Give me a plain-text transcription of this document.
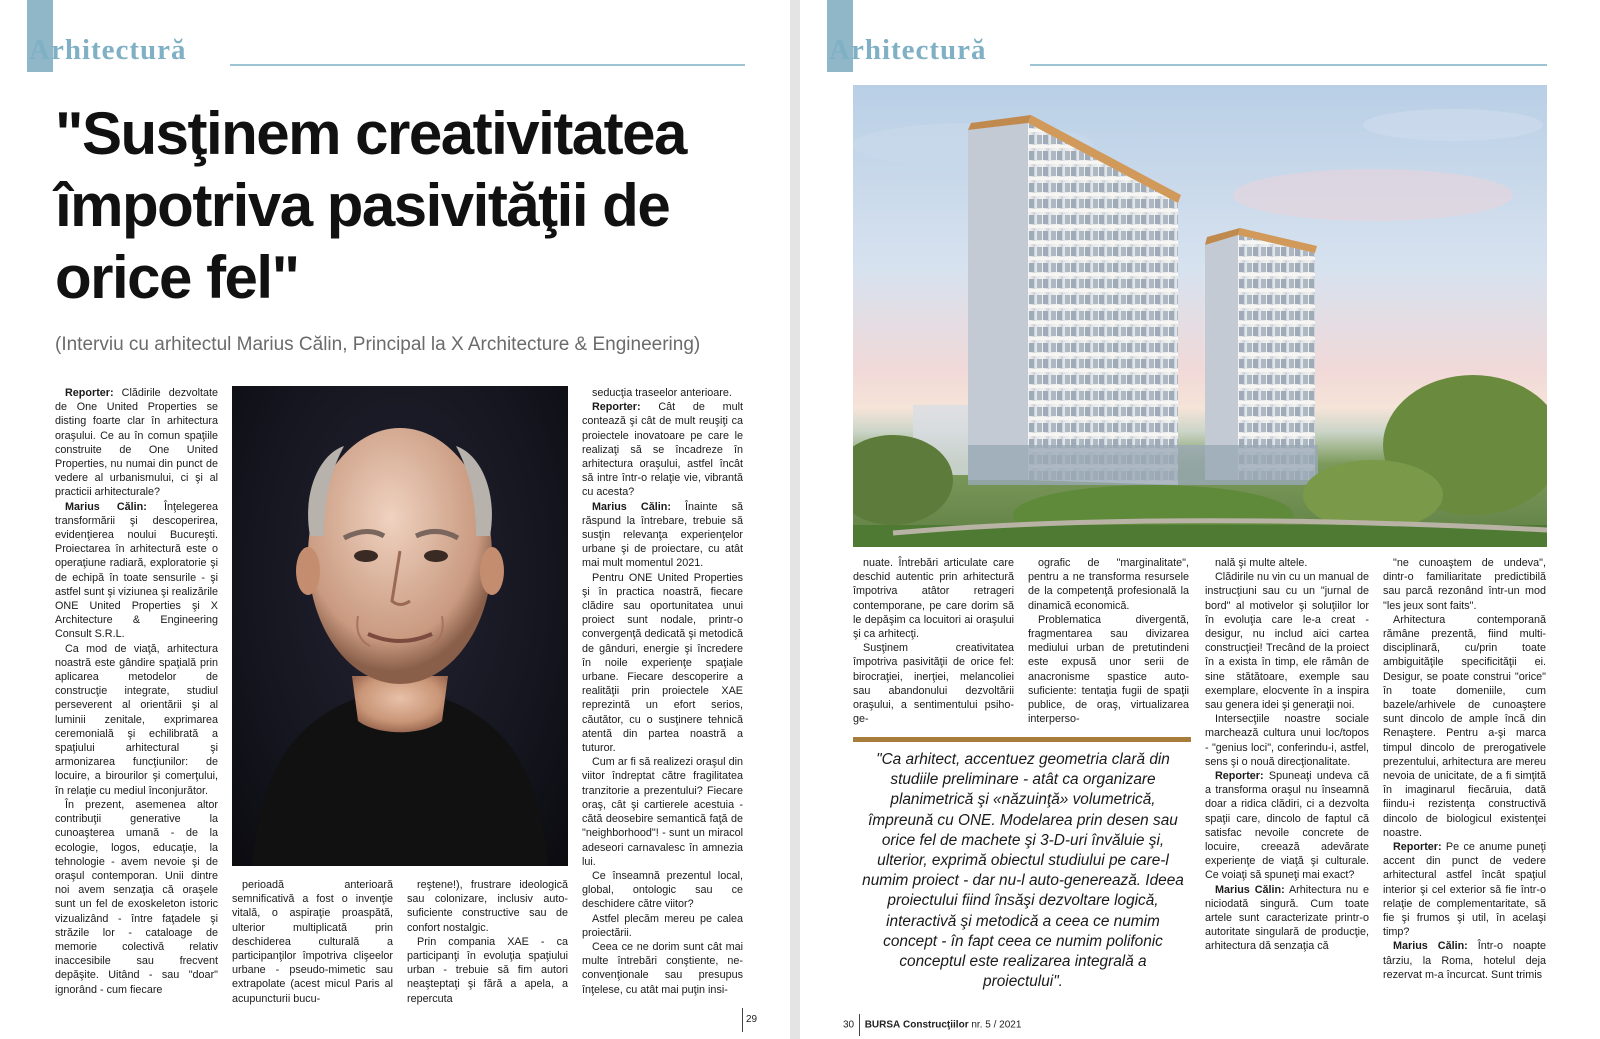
Arhitectură
"Susţinem creativitatea
împotriva pasivităţii de
orice fel"
(Interviu cu arhitectul Marius Călin, Principal la X Architecture & Engineering)

Reporter: Clădirile dezvoltate de One United Properties se disting foarte clar în arhitectura oraşului. Ce au în comun spaţiile construite de One United Properties, nu numai din punct de vedere al urbanismului, ci şi al practicii arhitecturale?

Marius Călin: Înţelegerea transformării şi descoperirea, evidenţierea noului Bucureşti. Proiectarea în arhitectură este o operaţiune radiară, exploratorie şi de echipă în toate sensurile - şi astfel sunt şi viziunea şi realizările ONE United Properties şi X Architecture & Engineering Consult S.R.L.

Ca mod de viaţă, arhitectura noastră este gândire spaţială prin aplicarea metodelor de construcţie integrate, studiul perseverent al orientării şi al luminii zenitale, exprimarea ceremonială şi echilibrată a spaţiului arhitectural şi armonizarea funcţiunilor: de locuire, a birourilor şi comerţului, în relaţie cu mediul înconjurător.

În prezent, asemenea altor contribuţii generative la cunoaşterea umană - de la ecologie, logos, educaţie, la tehnologie - avem nevoie şi de oraşul contemporan. Unii dintre noi avem senzaţia că oraşele sunt un fel de exoskeleton istoric vizualizând - între faţadele şi străzile lor - cataloage de memorie colectivă relativ inaccesibile sau frecvent depăşite. Uitând - sau "doar" ignorând - cum fiecare

perioadă anterioară semnificativă a fost o invenţie vitală, o aspiraţie proaspătă, ulterior multiplicată prin deschiderea culturală a participanţilor împotriva clişeelor urbane - pseudo-mimetic sau extrapolate (acest micul Paris al acupuncturii bucu-

reştene!), frustrare ideologică sau colonizare, inclusiv auto-suficiente constructive sau de confort nostalgic.

Prin compania XAE - ca participanţi în evoluţia spaţiului urban - trebuie să fim autori neaşteptaţi şi fără a apela, a repercuta

seducţia traseelor anterioare.

Reporter: Cât de mult contează şi cât de mult reuşiţi ca proiectele inovatoare pe care le realizaţi să se încadreze în arhitectura oraşului, astfel încât să intre într-o relaţie vie, vibrantă cu acesta?

Marius Călin: Înainte să răspund la întrebare, trebuie să susţin relevanţa experienţelor urbane şi de proiectare, cu atât mai mult momentul 2021.

Pentru ONE United Properties şi în practica noastră, fiecare clădire sau oportunitatea unui proiect sunt nodale, printr-o convergenţă dedicată şi metodică de gânduri, energie şi încredere în noile experienţe spaţiale urbane. Fiecare descoperire a realităţii prin proiectele XAE reprezintă un efort serios, căutător, cu o susţinere tehnică atentă din partea noastră a tuturor.

Cum ar fi să realizezi oraşul din viitor îndreptat către fragilitatea tranzitorie a prezentului? Fiecare oraş, cât şi cartierele acestuia - cătă deosebire semantică faţă de "neighborhood"! - sunt un miracol adeseori carnavalesc în amnezia lui.

Ce înseamnă prezentul local, global, ontologic sau ce deschidere către viitor?

Astfel plecăm mereu pe calea proiectării.

Ceea ce ne dorim sunt cât mai multe întrebări conştiente, ne-convenţionale sau presupus înţelese, cu atât mai puţin insi-

29
Arhitectură

nuate. Întrebări articulate care deschid autentic prin arhitectură împotriva atâtor retrageri contemporane, pe care dorim să le depăşim ca locuitori ai oraşului şi ca arhitecţi.

Susţinem creativitatea împotriva pasivităţii de orice fel: birocraţiei, inerţiei, melancoliei sau abandonului dezvoltării oraşului, a sentimentului psiho-ge-

ografic de "marginalitate", pentru a ne transforma resursele de la competenţă profesională la dinamică economică.

Problematica divergentă, fragmentarea sau divizarea mediului urban de pretutindeni este expusă unor serii de anacronisme spastice auto-suficiente: tentaţia fugii de spaţii publice, de oraş, virtualizarea interperso-

nală şi multe altele.

Clădirile nu vin cu un manual de instrucţiuni sau cu un "jurnal de bord" al motivelor şi soluţiilor lor în evoluţia care le-a creat - desigur, nu includ aici cartea construcţiei! Trecând de la proiect în a exista în timp, ele rămân de sine stătătoare, exemple sau exemplare, elocvente în a inspira sau genera idei şi generaţii noi.

Intersecţiile noastre sociale marchează cultura unui loc/topos - "genius loci", conferindu-i, astfel, sens şi o nouă direcţionalitate.

Reporter: Spuneaţi undeva că a transforma oraşul nu înseamnă doar a ridica clădiri, ci a dezvolta spaţii care, dincolo de faptul că satisfac nevoile concrete de locuire, creează adevărate experienţe de viaţă şi culturale. Ce voiaţi să spuneţi mai exact?

Marius Călin: Arhitectura nu e niciodată singură. Cum toate artele sunt caracterizate printr-o autoritate singulară de producţie, arhitectura dă senzaţia că

"ne cunoaştem de undeva", dintr-o familiaritate predictibilă sau parcă rezonând într-un mod "les jeux sont faits".

Arhitectura contemporană rămâne prezentă, fiind multi-disciplinară, cu/prin toate ambiguităţile specificităţii ei. Desigur, se poate construi "orice" în toate domeniile, cum bazele/arhivele de cunoaştere sunt dincolo de ample încă din Renaştere. Pentru a-şi marca timpul dincolo de prerogativele prezentului, arhitectura are mereu nevoia de unicitate, de a fi simţită în imaginarul fiecăruia, dată fiindu-i rezistenţa constructivă dincolo de biologicul existenţei noastre.

Reporter: Pe ce anume puneţi accent din punct de vedere arhitectural astfel încât spaţiul interior şi cel exterior să fie într-o relaţie de complementaritate, să fie şi frumos şi util, în acelaşi timp?

Marius Călin: Într-o noapte târziu, la Roma, hotelul deja rezervat m-a încurcat. Sunt trimis

"Ca arhitect, accentuez geometria clară din studiile preliminare - atât ca organizare planimetrică şi «năzuinţă» volumetrică, împreună cu ONE. Modelarea prin desen sau orice fel de machete şi 3-D-uri învăluie şi, ulterior, exprimă obiectul studiului pe care-l numim proiect - dar nu-l auto-generează. Ideea proiectului fiind însăşi dezvoltare logică, interactivă şi metodică a ceea ce numim concept - în fapt ceea ce numim polifonic conceptul este realizarea integrală a proiectului".

30 BURSA Construcţiilor nr. 5 / 2021
